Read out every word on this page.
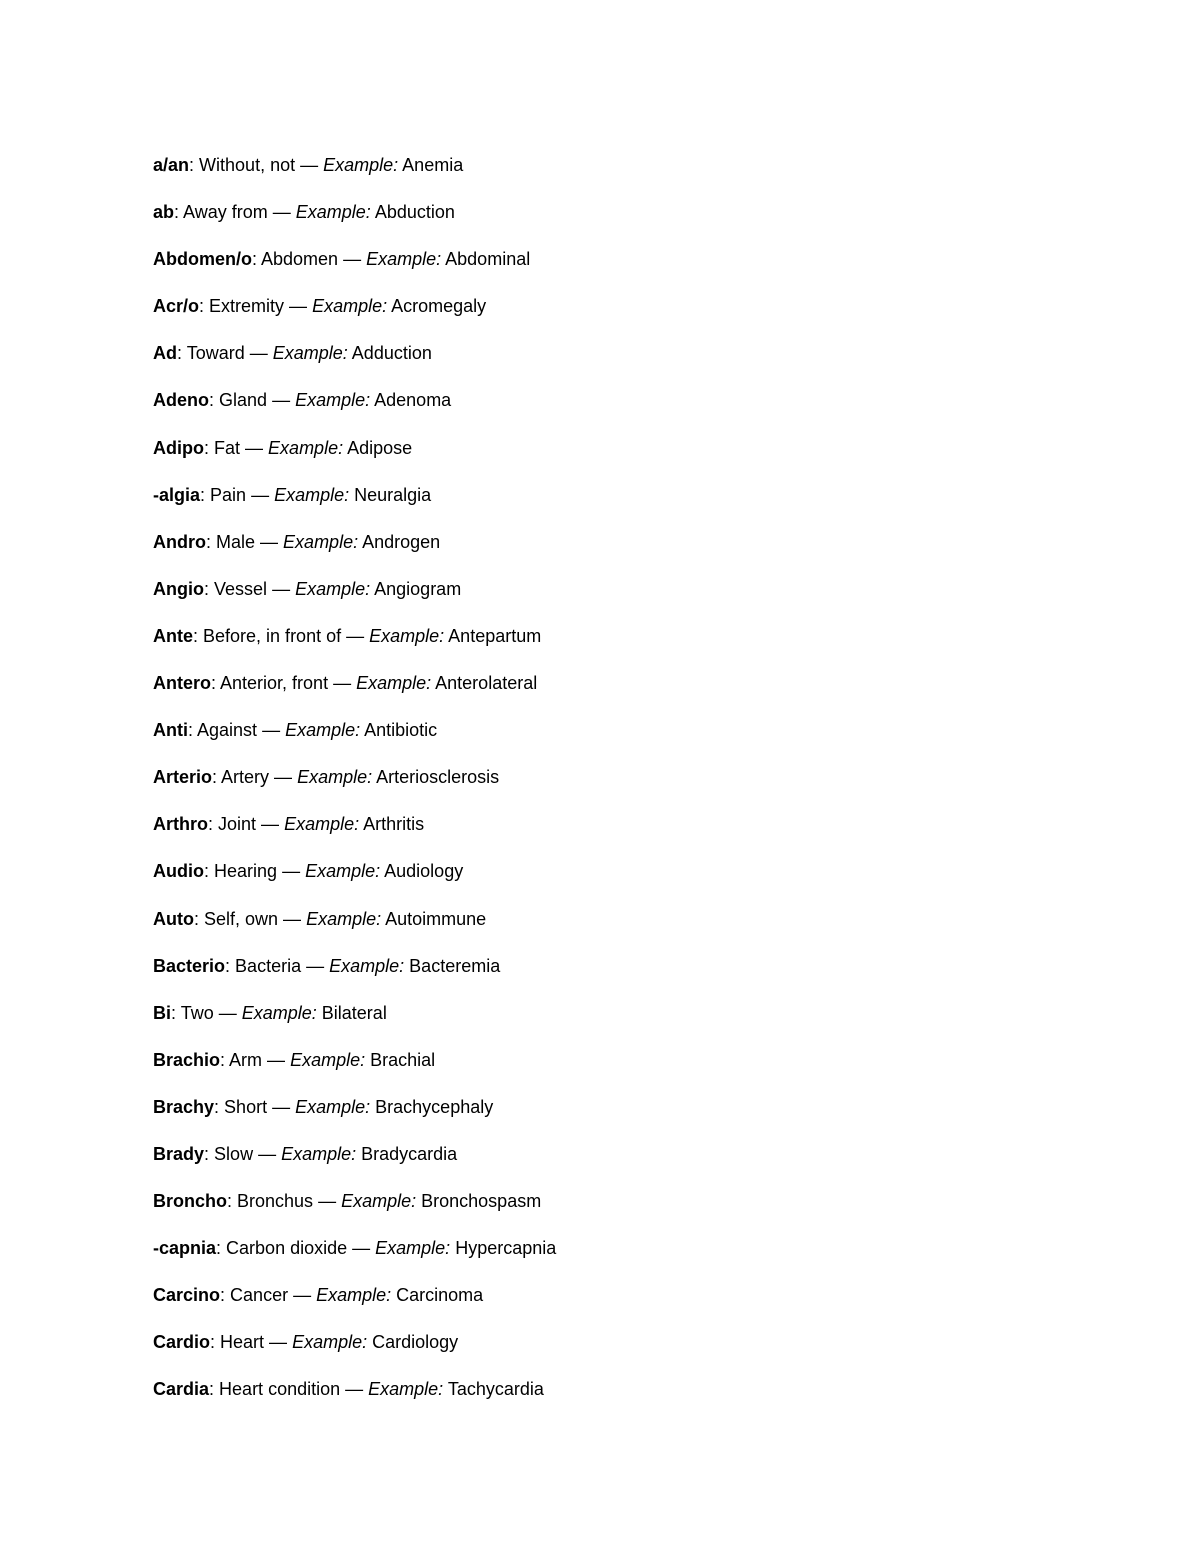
a/an: Without, not — Example: Anemia
ab: Away from — Example: Abduction
Abdomen/o: Abdomen — Example: Abdominal
Acr/o: Extremity — Example: Acromegaly
Ad: Toward — Example: Adduction
Adeno: Gland — Example: Adenoma
Adipo: Fat — Example: Adipose
-algia: Pain — Example: Neuralgia
Andro: Male — Example: Androgen
Angio: Vessel — Example: Angiogram
Ante: Before, in front of — Example: Antepartum
Antero: Anterior, front — Example: Anterolateral
Anti: Against — Example: Antibiotic
Arterio: Artery — Example: Arteriosclerosis
Arthro: Joint — Example: Arthritis
Audio: Hearing — Example: Audiology
Auto: Self, own — Example: Autoimmune
Bacterio: Bacteria — Example: Bacteremia
Bi: Two — Example: Bilateral
Brachio: Arm — Example: Brachial
Brachy: Short — Example: Brachycephaly
Brady: Slow — Example: Bradycardia
Broncho: Bronchus — Example: Bronchospasm
-capnia: Carbon dioxide — Example: Hypercapnia
Carcino: Cancer — Example: Carcinoma
Cardio: Heart — Example: Cardiology
Cardia: Heart condition — Example: Tachycardia
